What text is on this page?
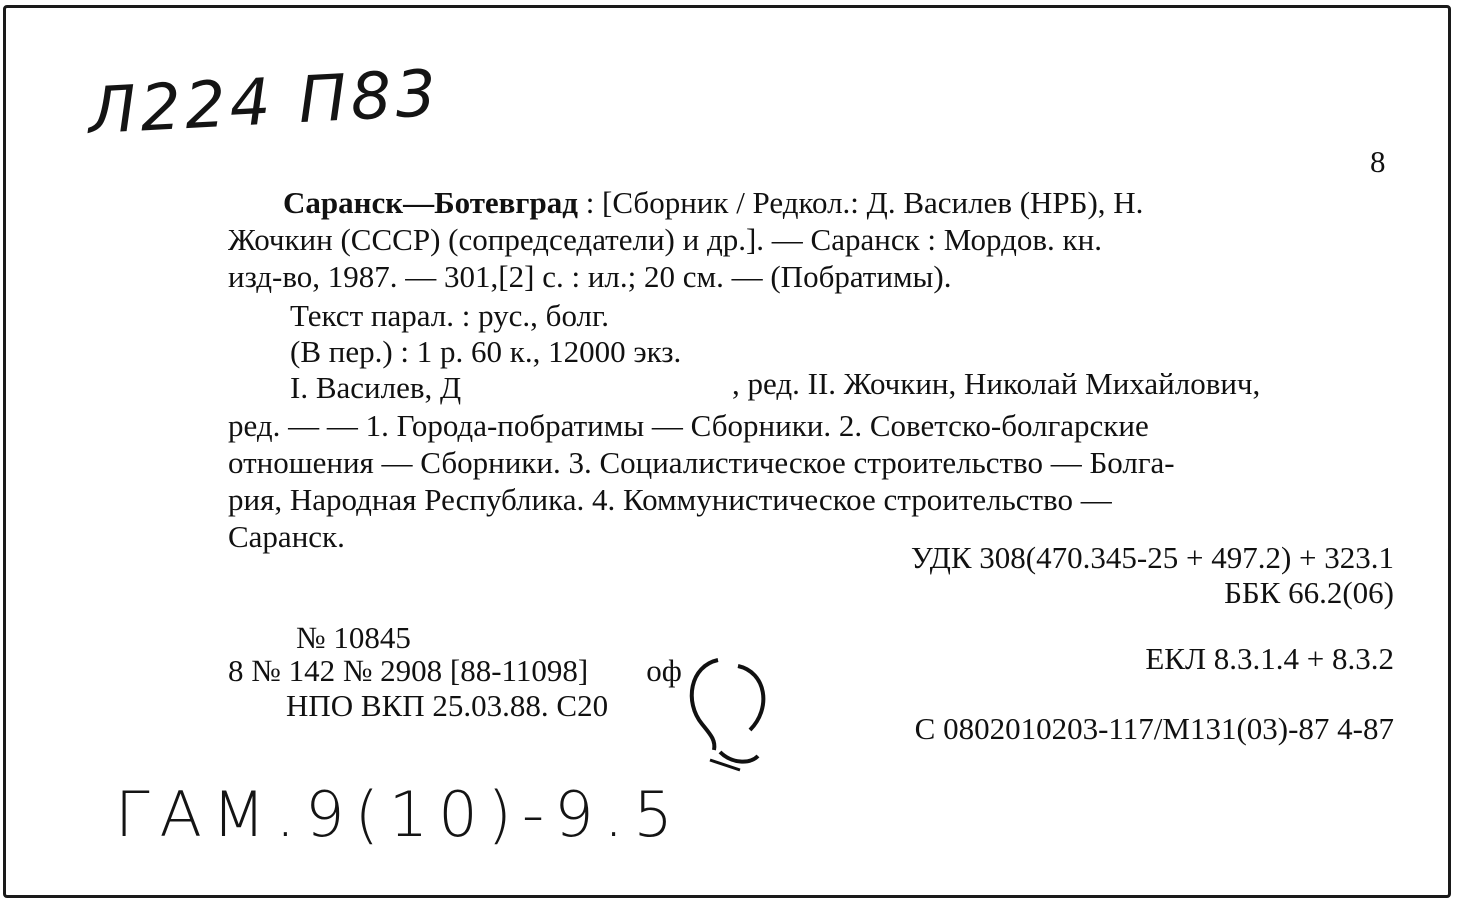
Л224 П83
8
Саранск—Ботевград : [Сборник / Редкол.: Д. Василев (НРБ), Н.
Жочкин (СССР) (сопредседатели) и др.]. — Саранск : Мордов. кн.
изд-во, 1987. — 301,[2] с. : ил.; 20 см. — (Побратимы).
Текст парал. : рус., болг.
(В пер.) : 1 р. 60 к., 12000 экз.
I. Василев, Д	, ред. II. Жочкин, Николай Михайлович,
ред. — — 1. Города-побратимы — Сборники. 2. Советско-болгарские
отношения — Сборники. 3. Социалистическое строительство — Болга-
рия, Народная Республика. 4. Коммунистическое строительство —
Саранск.
УДК 308(470.345-25 + 497.2) + 323.1
ББК 66.2(06)
№ 10845
8 № 142 № 2908 [88-11098] оф
НПО ВКП 25.03.88. С20
ЕКЛ 8.3.1.4 + 8.3.2
С 0802010203-117/М131(03)-87 4-87
ГАМ.9(10)-9.5
